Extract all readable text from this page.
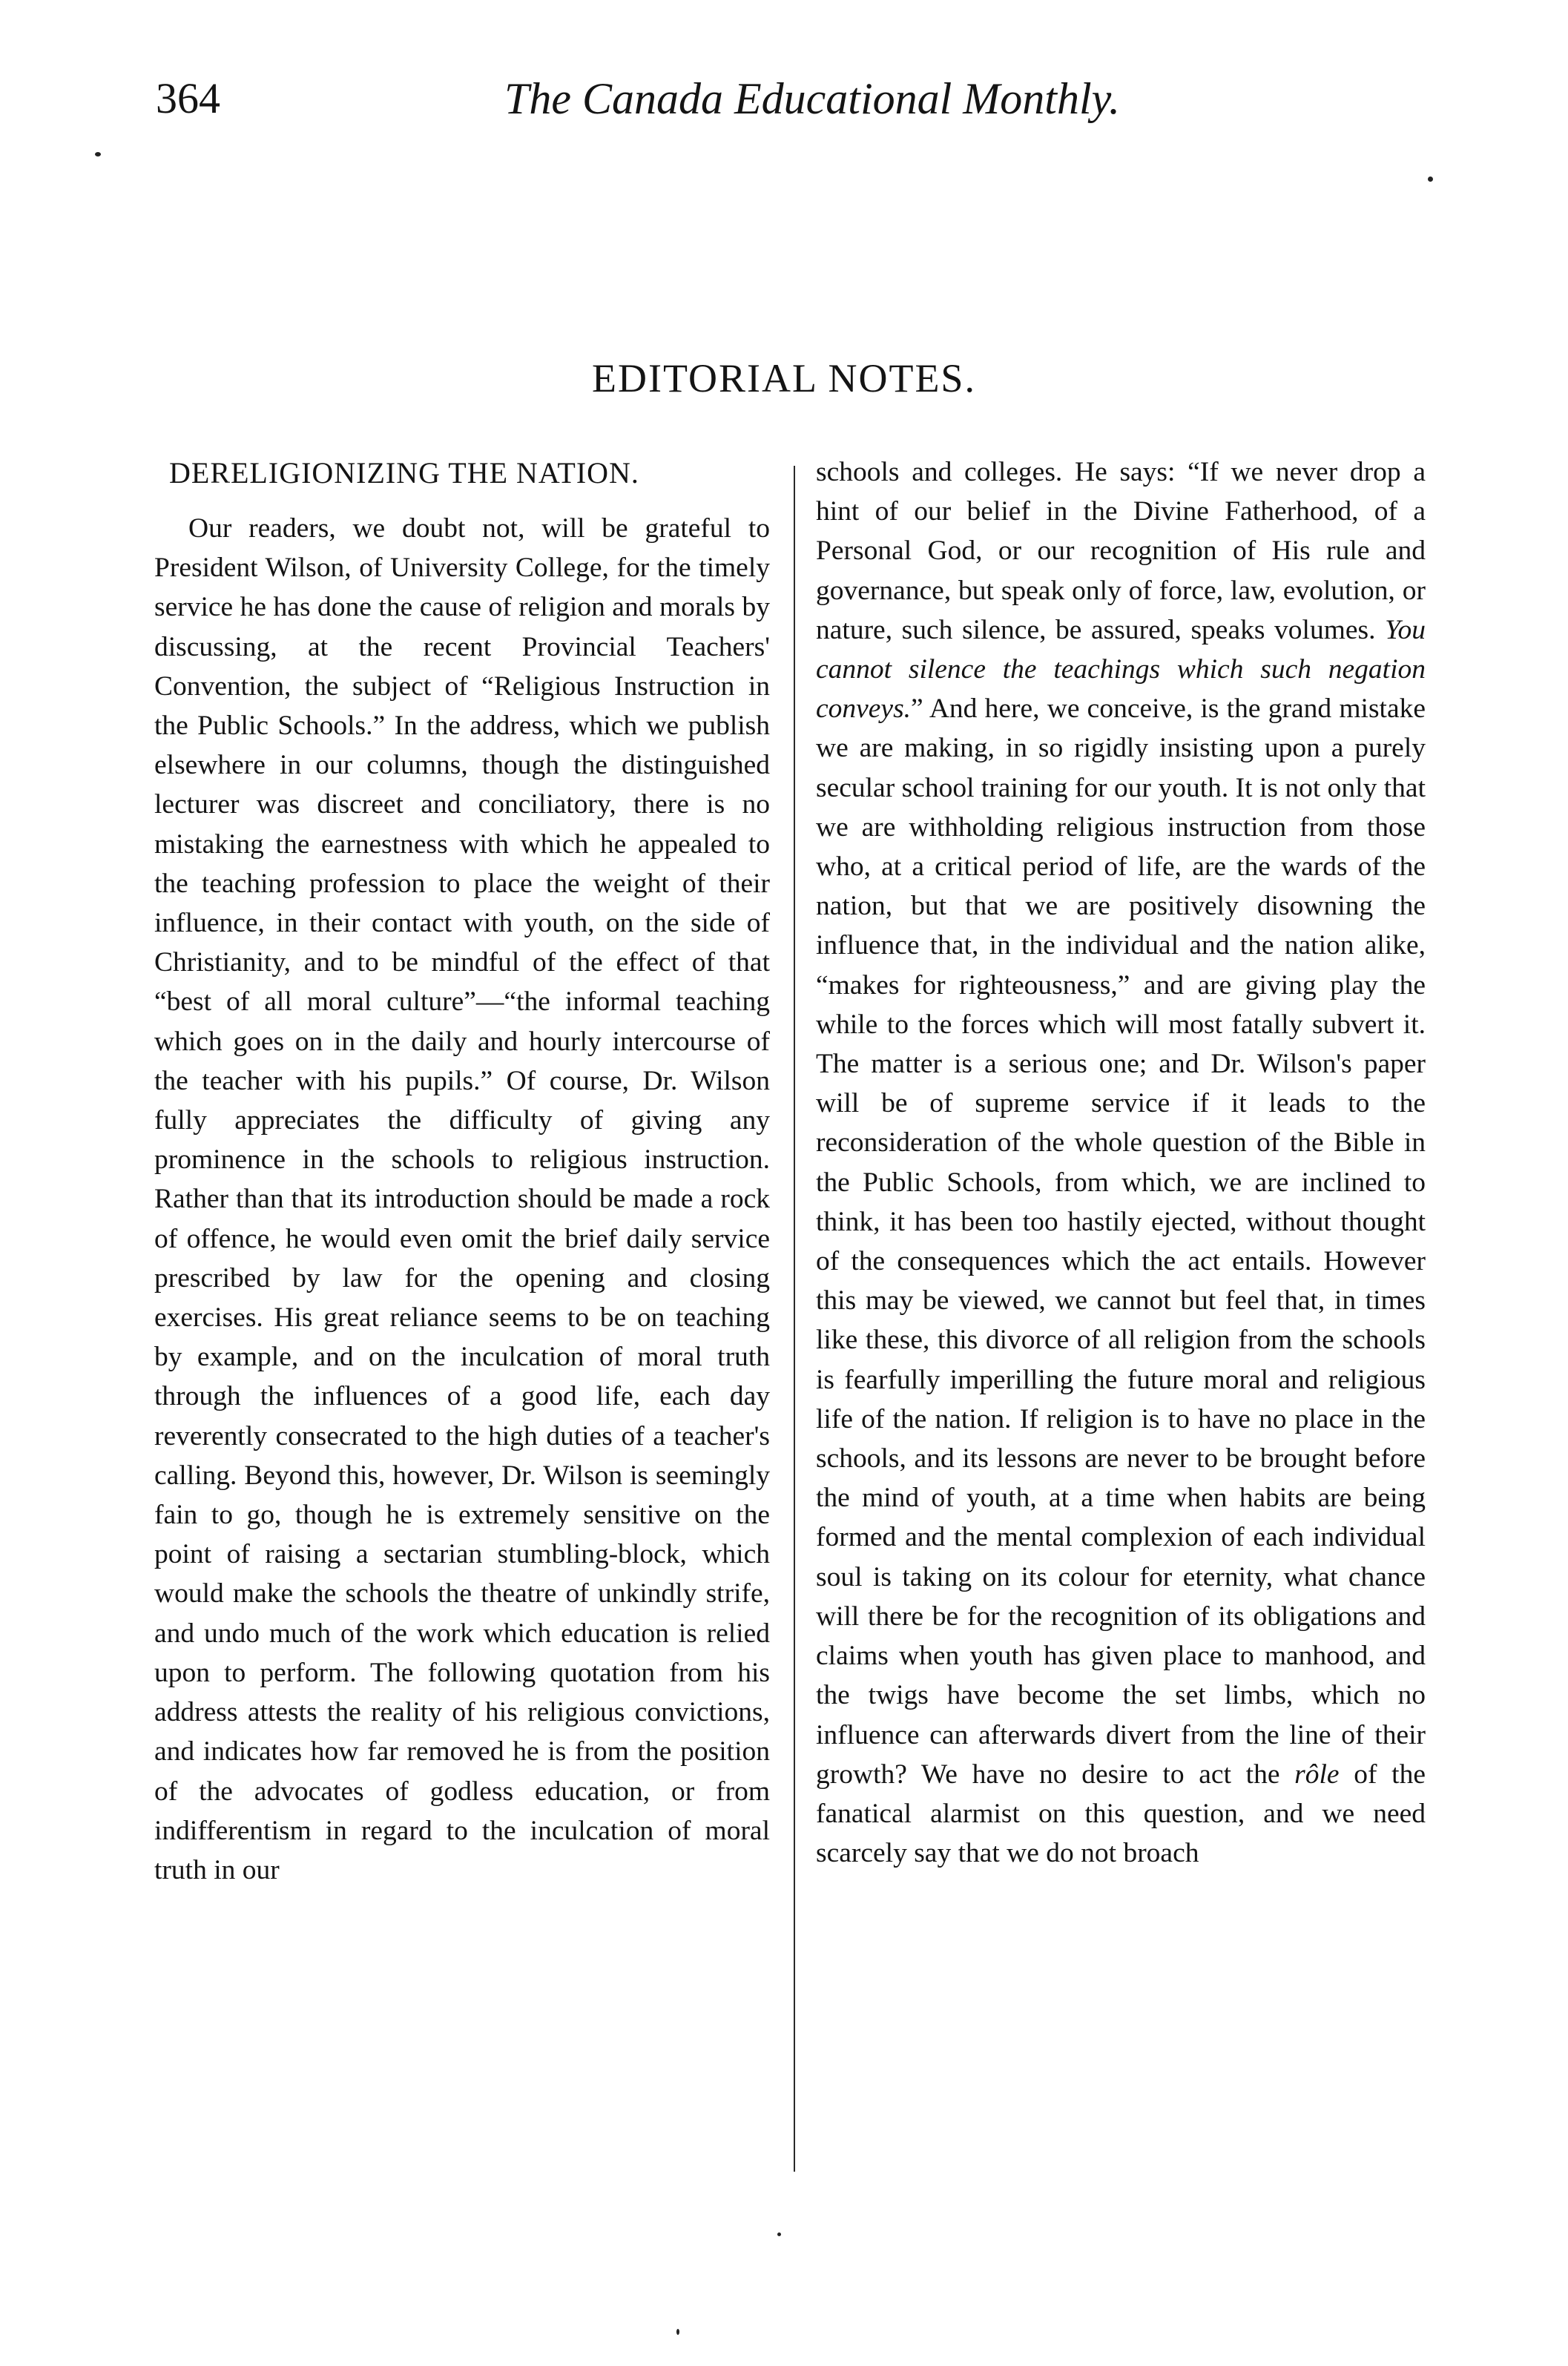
364	The Canada Educational Monthly.
EDITORIAL NOTES.
DERELIGIONIZING THE NATION.

Our readers, we doubt not, will be grateful to President Wilson, of University College, for the timely service he has done the cause of religion and morals by discussing, at the recent Provincial Teachers' Convention, the subject of “Religious Instruction in the Public Schools.” In the address, which we publish elsewhere in our columns, though the distinguished lecturer was discreet and conciliatory, there is no mistaking the earnestness with which he appealed to the teaching profession to place the weight of their influence, in their contact with youth, on the side of Christianity, and to be mindful of the effect of that “best of all moral culture”—“the informal teaching which goes on in the daily and hourly intercourse of the teacher with his pupils.” Of course, Dr. Wilson fully appreciates the difficulty of giving any prominence in the schools to religious instruction. Rather than that its introduction should be made a rock of offence, he would even omit the brief daily service prescribed by law for the opening and closing exercises. His great reliance seems to be on teaching by example, and on the inculcation of moral truth through the influences of a good life, each day reverently consecrated to the high duties of a teacher's calling. Beyond this, however, Dr. Wilson is seemingly fain to go, though he is extremely sensitive on the point of raising a sectarian stumbling-block, which would make the schools the theatre of unkindly strife, and undo much of the work which education is relied upon to perform. The following quotation from his address attests the reality of his religious convictions, and indicates how far removed he is from the position of the advocates of godless education, or from indifferentism in regard to the inculcation of moral truth in our

schools and colleges. He says: “If we never drop a hint of our belief in the Divine Fatherhood, of a Personal God, or our recognition of His rule and governance, but speak only of force, law, evolution, or nature, such silence, be assured, speaks volumes. You cannot silence the teachings which such negation conveys.” And here, we conceive, is the grand mistake we are making, in so rigidly insisting upon a purely secular school training for our youth. It is not only that we are withholding religious instruction from those who, at a critical period of life, are the wards of the nation, but that we are positively disowning the influence that, in the individual and the nation alike, “makes for righteousness,” and are giving play the while to the forces which will most fatally subvert it. The matter is a serious one; and Dr. Wilson's paper will be of supreme service if it leads to the reconsideration of the whole question of the Bible in the Public Schools, from which, we are inclined to think, it has been too hastily ejected, without thought of the consequences which the act entails. However this may be viewed, we cannot but feel that, in times like these, this divorce of all religion from the schools is fearfully imperilling the future moral and religious life of the nation. If religion is to have no place in the schools, and its lessons are never to be brought before the mind of youth, at a time when habits are being formed and the mental complexion of each individual soul is taking on its colour for eternity, what chance will there be for the recognition of its obligations and claims when youth has given place to manhood, and the twigs have become the set limbs, which no influence can afterwards divert from the line of their growth? We have no desire to act the rôle of the fanatical alarmist on this question, and we need scarcely say that we do not broach
